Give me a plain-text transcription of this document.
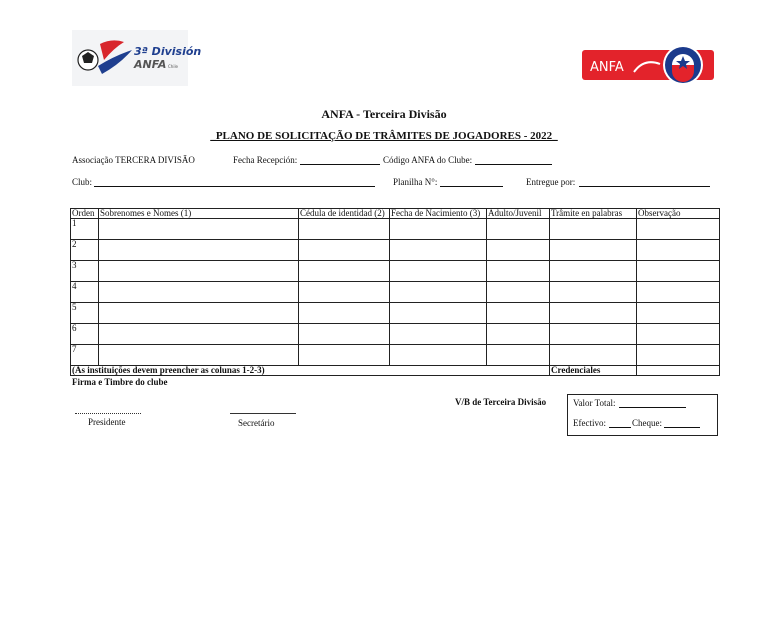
3ª División
ANFA Chile	ANFA
ANFA - Terceira Divisão
_PLANO DE SOLICITAÇÃO DE TRÂMITES DE JOGADORES - 2022_
Associação TERCERA DIVISÃO	Fecha Recepción:	Código ANFA do Clube:
Club:	Planilha N°:	Entregue por:
Orden	Sobrenomes e Nomes (1)	Cédula de identidad (2)	Fecha de Nacimiento (3)	Adulto/Juvenil	Trâmite en palabras	Observação
1						
2						
3						
4						
5						
6						
7						
(As instituições devem preencher as colunas 1-2-3)					Credenciales	
Firma e Timbre do clube
V/B de Terceira Divisão
Presidente	Secretário
Valor Total:
Efectivo:	Cheque:
